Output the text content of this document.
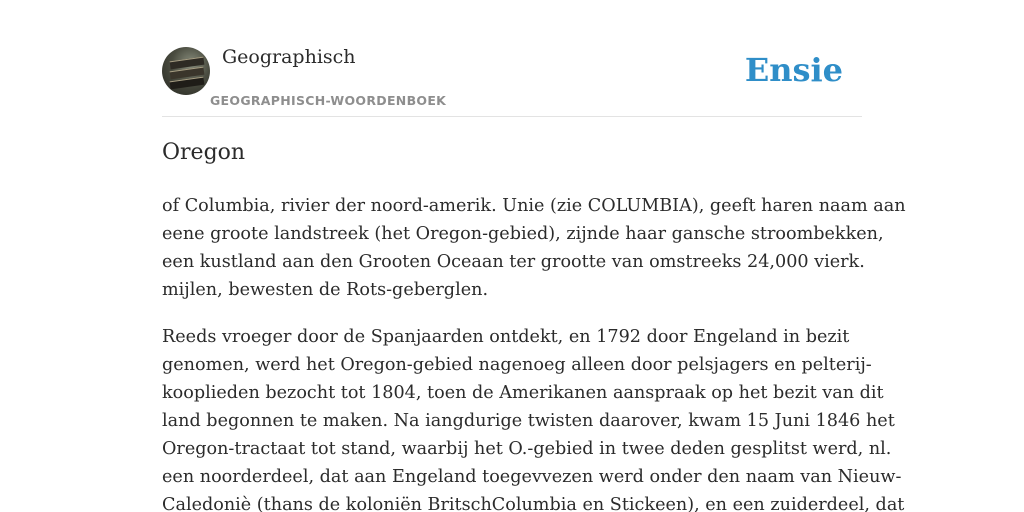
Geographisch
GEOGRAPHISCH-WOORDENBOEK
Ensie
Oregon

of Columbia, rivier der noord-amerik. Unie (zie COLUMBIA), geeft haren naam aan
eene groote landstreek (het Oregon-gebied), zijnde haar gansche stroombekken,
een kustland aan den Grooten Oceaan ter grootte van omstreeks 24,000 vierk.
mijlen, bewesten de Rots-geberglen.

Reeds vroeger door de Spanjaarden ontdekt, en 1792 door Engeland in bezit
genomen, werd het Oregon-gebied nagenoeg alleen door pelsjagers en pelterij-
kooplieden bezocht tot 1804, toen de Amerikanen aanspraak op het bezit van dit
land begonnen te maken. Na iangdurige twisten daarover, kwam 15 Juni 1846 het
Oregon-tractaat tot stand, waarbij het O.-gebied in twee deden gesplitst werd, nl.
een noorderdeel, dat aan Engeland toegevvezen werd onder den naam van Nieuw-
Caledoniè (thans de koloniën BritschColumbia en Stickeen), en een zuiderdeel, dat
